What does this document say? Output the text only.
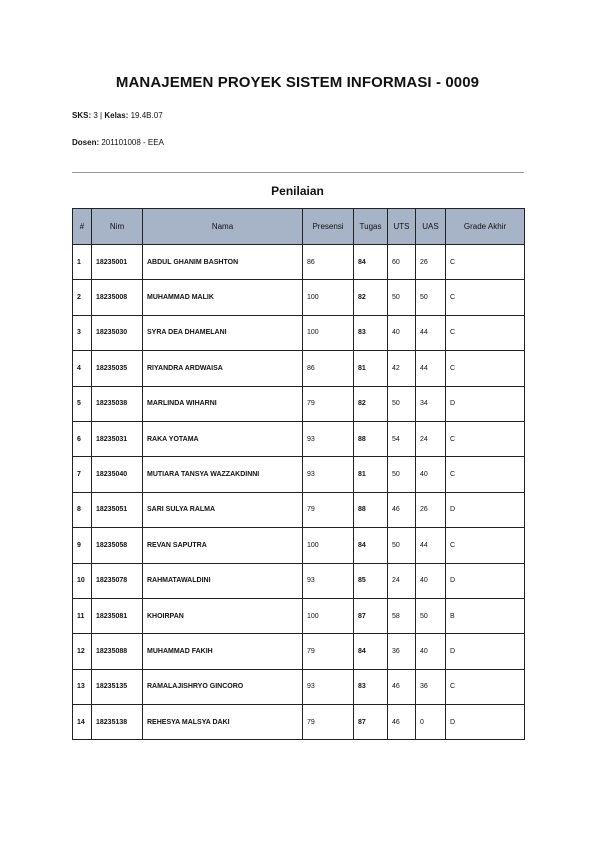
MANAJEMEN PROYEK SISTEM INFORMASI - 0009
SKS: 3 | Kelas: 19.4B.07
Dosen: 201101008 - EEA
Penilaian
#	Nim	Nama	Presensi	Tugas	UTS	UAS	Grade Akhir
1	18235001	ABDUL GHANIM BASHTON	86	84	60	26	C
2	18235008	MUHAMMAD MALIK	100	82	50	50	C
3	18235030	SYRA DEA DHAMELANI	100	83	40	44	C
4	18235035	RIYANDRA ARDWAISA	86	81	42	44	C
5	18235038	MARLINDA WIHARNI	79	82	50	34	D
6	18235031	RAKA YOTAMA	93	88	54	24	C
7	18235040	MUTIARA TANSYA WAZZAKDINNI	93	81	50	40	C
8	18235051	SARI SULYA RALMA	79	88	46	26	D
9	18235058	REVAN SAPUTRA	100	84	50	44	C
10	18235078	RAHMATAWALDINI	93	85	24	40	D
11	18235081	KHOIRPAN	100	87	58	50	B
12	18235088	MUHAMMAD FAKIH	79	84	36	40	D
13	18235135	RAMALAJISHRYO GINCORO	93	83	46	36	C
14	18235138	REHESYA MALSYA DAKI	79	87	46	0	D
